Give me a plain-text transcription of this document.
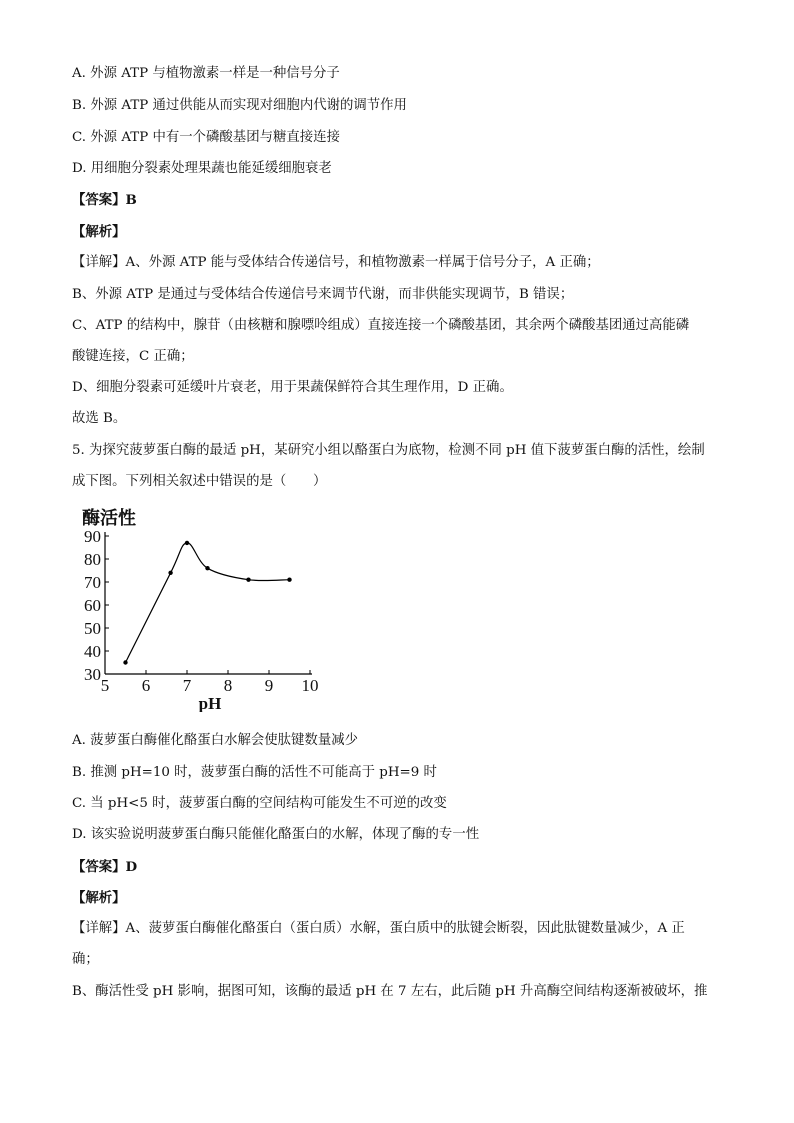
A. 外源 ATP 与植物激素一样是一种信号分子
B. 外源 ATP 通过供能从而实现对细胞内代谢的调节作用
C. 外源 ATP 中有一个磷酸基团与糖直接连接
D. 用细胞分裂素处理果蔬也能延缓细胞衰老
【答案】B
【解析】
【详解】A、外源 ATP 能与受体结合传递信号，和植物激素一样属于信号分子，A 正确；
B、外源 ATP 是通过与受体结合传递信号来调节代谢，而非供能实现调节，B 错误；
C、ATP 的结构中，腺苷（由核糖和腺嘌呤组成）直接连接一个磷酸基团，其余两个磷酸基团通过高能磷
酸键连接，C 正确；
D、细胞分裂素可延缓叶片衰老，用于果蔬保鲜符合其生理作用，D 正确。
故选 B。
5. 为探究菠萝蛋白酶的最适 pH，某研究小组以酪蛋白为底物，检测不同 pH 值下菠萝蛋白酶的活性，绘制
成下图。下列相关叙述中错误的是（　　）
30
40
50
60
70
80
90
5 6 7 8 9 10
酶活性
pH
A. 菠萝蛋白酶催化酪蛋白水解会使肽键数量减少
B. 推测 pH=10 时，菠萝蛋白酶的活性不可能高于 pH=9 时
C. 当 pH<5 时，菠萝蛋白酶的空间结构可能发生不可逆的改变
D. 该实验说明菠萝蛋白酶只能催化酪蛋白的水解，体现了酶的专一性
【答案】D
【解析】
【详解】A、菠萝蛋白酶催化酪蛋白（蛋白质）水解，蛋白质中的肽键会断裂，因此肽键数量减少，A 正
确；
B、酶活性受 pH 影响，据图可知，该酶的最适 pH 在 7 左右，此后随 pH 升高酶空间结构逐渐被破坏，推
